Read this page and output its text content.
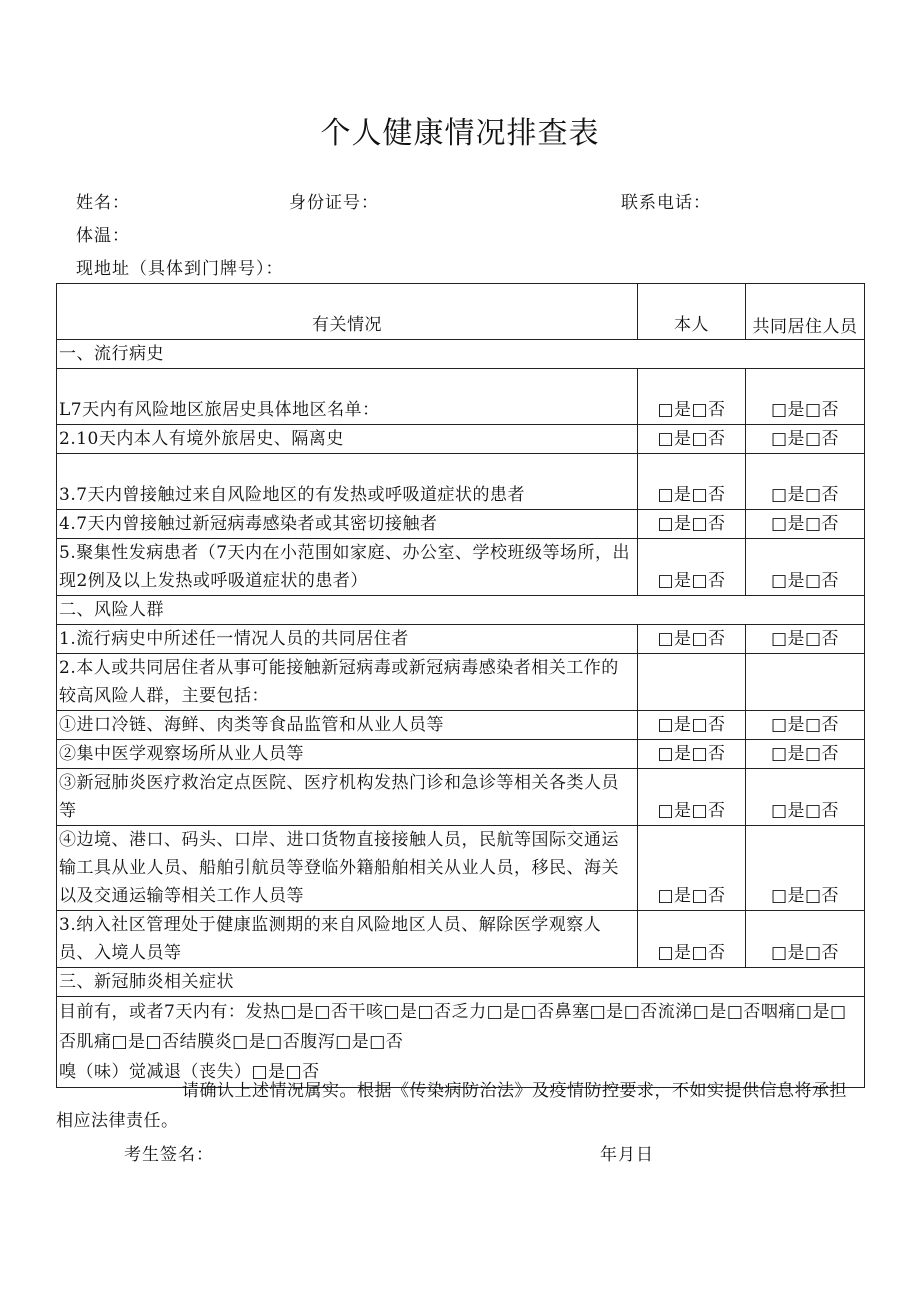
个人健康情况排查表
姓名：	身份证号：	联系电话：
体温：
现地址（具体到门牌号）：
有关情况	本人	共同居住人员
一、流行病史		
L7天内有风险地区旅居史具体地区名单：	□是□否	□是□否
2.10天内本人有境外旅居史、隔离史	□是□否	□是□否
3.7天内曾接触过来自风险地区的有发热或呼吸道症状的患者	□是□否	□是□否
4.7天内曾接触过新冠病毒感染者或其密切接触者	□是□否	□是□否
5.聚集性发病患者（7天内在小范围如家庭、办公室、学校班级等场所，出现2例及以上发热或呼吸道症状的患者）	□是□否	□是□否
二、风险人群		
1.流行病史中所述任一情况人员的共同居住者	□是□否	□是□否
2.本人或共同居住者从事可能接触新冠病毒或新冠病毒感染者相关工作的较高风险人群，主要包括：		
①进口冷链、海鲜、肉类等食品监管和从业人员等	□是□否	□是□否
②集中医学观察场所从业人员等	□是□否	□是□否
③新冠肺炎医疗救治定点医院、医疗机构发热门诊和急诊等相关各类人员等	□是□否	□是□否
④边境、港口、码头、口岸、进口货物直接接触人员，民航等国际交通运输工具从业人员、船舶引航员等登临外籍船舶相关从业人员，移民、海关以及交通运输等相关工作人员等	□是□否	□是□否
3.纳入社区管理处于健康监测期的来自风险地区人员、解除医学观察人员、入境人员等	□是□否	□是□否
三、新冠肺炎相关症状		

目前有，或者7天内有：发热□是□否干咳□是□否乏力□是□否鼻塞□是□否流涕□是□否咽痛□是□否肌痛□是□否结膜炎□是□否腹泻□是□否
嗅（味）觉减退（丧失）□是□否		
请确认上述情况属实。根据《传染病防治法》及疫情防控要求，不如实提供信息将承担相应法律责任。
考生签名：	年月日
